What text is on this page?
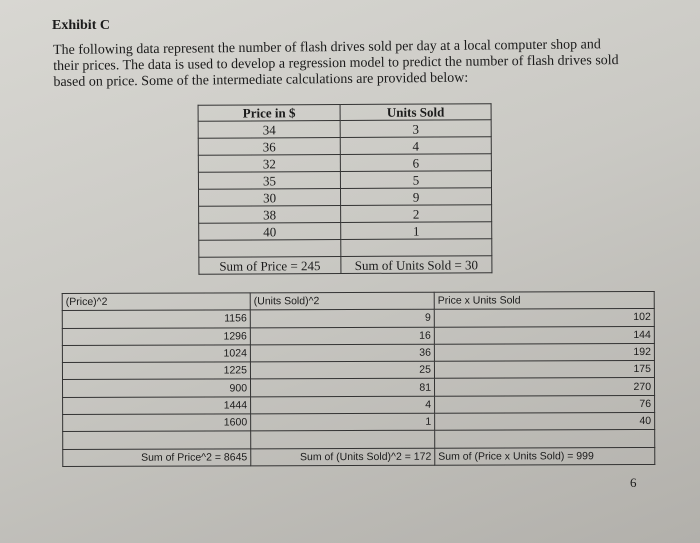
Exhibit C

The following data represent the number of flash drives sold per day at a local computer shop and their prices. The data is used to develop a regression model to predict the number of flash drives sold based on price. Some of the intermediate calculations are provided below:

Price in $	Units Sold
34	3
36	4
32	6
35	5
30	9
38	2
40	1

Sum of Price = 245	Sum of Units Sold = 30
(Price)^2	(Units Sold)^2	Price x Units Sold
1156	9	102
1296	16	144
1024	36	192
1225	25	175
900	81	270
1444	4	76
1600	1	40

Sum of Price^2 = 8645	Sum of (Units Sold)^2 = 172	Sum of (Price x Units Sold) = 999
6
